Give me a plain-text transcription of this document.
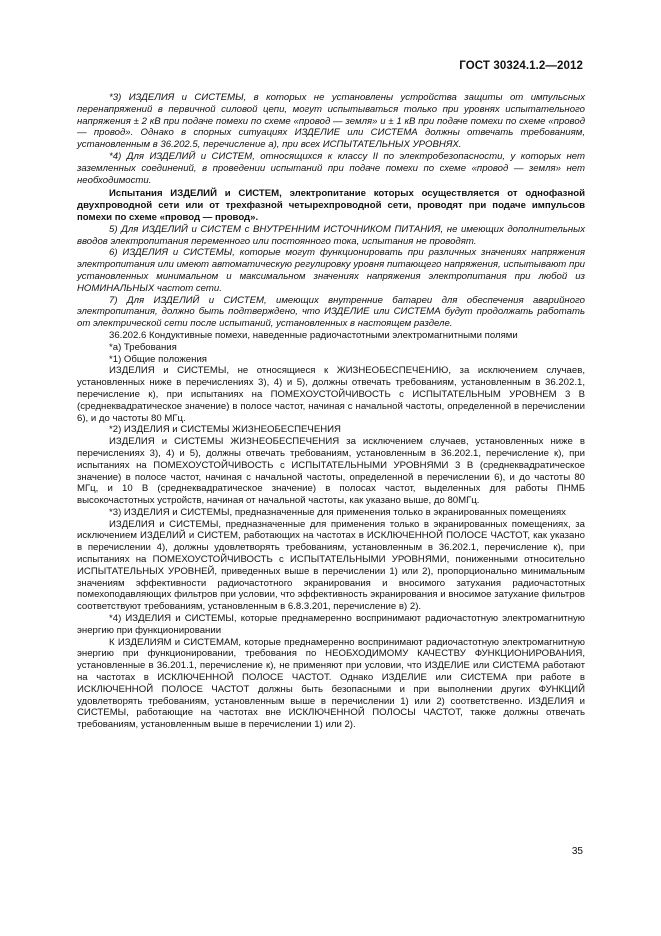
ГОСТ 30324.1.2—2012

*3) ИЗДЕЛИЯ и СИСТЕМЫ, в которых не установлены устройства защиты от импульсных перенапряжений в первичной силовой цепи, могут испытываться только при уровнях испытательного напряжения ± 2 кВ при подаче помехи по схеме «провод — земля» и ± 1 кВ при подаче помехи по схеме «провод — провод». Однако в спорных ситуациях ИЗДЕЛИЕ или СИСТЕМА должны отвечать требованиям, установленным в 36.202.5, перечисление а), при всех ИСПЫТАТЕЛЬНЫХ УРОВНЯХ.

*4) Для ИЗДЕЛИЙ и СИСТЕМ, относящихся к классу II по электробезопасности, у которых нет заземленных соединений, в проведении испытаний при подаче помехи по схеме «провод — земля» нет необходимости.

Испытания ИЗДЕЛИЙ и СИСТЕМ, электропитание которых осуществляется от однофазной двухпроводной сети или от трехфазной четырехпроводной сети, проводят при подаче импульсов помехи по схеме «провод — провод».

5) Для ИЗДЕЛИЙ и СИСТЕМ с ВНУТРЕННИМ ИСТОЧНИКОМ ПИТАНИЯ, не имеющих дополнительных вводов электропитания переменного или постоянного тока, испытания не проводят.

6) ИЗДЕЛИЯ и СИСТЕМЫ, которые могут функционировать при различных значениях напряжения электропитания или имеют автоматическую регулировку уровня питающего напряжения, испытывают при установленных минимальном и максимальном значениях напряжения электропитания при любой из НОМИНАЛЬНЫХ частот сети.

7) Для ИЗДЕЛИЙ и СИСТЕМ, имеющих внутренние батареи для обеспечения аварийного электропитания, должно быть подтверждено, что ИЗДЕЛИЕ или СИСТЕМА будут продолжать работать от электрической сети после испытаний, установленных в настоящем разделе.

36.202.6 Кондуктивные помехи, наведенные радиочастотными электромагнитными полями

*а) Требования

*1) Общие положения

ИЗДЕЛИЯ и СИСТЕМЫ, не относящиеся к ЖИЗНЕОБЕСПЕЧЕНИЮ, за исключением случаев, установленных ниже в перечислениях 3), 4) и 5), должны отвечать требованиям, установленным в 36.202.1, перечисление к), при испытаниях на ПОМЕХОУСТОЙЧИВОСТЬ с ИСПЫТАТЕЛЬНЫМ УРОВНЕМ 3 В (среднеквадратическое значение) в полосе частот, начиная с начальной частоты, определенной в перечислении 6), и до частоты 80 МГц.

*2) ИЗДЕЛИЯ и СИСТЕМЫ ЖИЗНЕОБЕСПЕЧЕНИЯ

ИЗДЕЛИЯ и СИСТЕМЫ ЖИЗНЕОБЕСПЕЧЕНИЯ за исключением случаев, установленных ниже в перечислениях 3), 4) и 5), должны отвечать требованиям, установленным в 36.202.1, перечисление к), при испытаниях на ПОМЕХОУСТОЙЧИВОСТЬ с ИСПЫТАТЕЛЬНЫМИ УРОВНЯМИ 3 В (среднеквадратическое значение) в полосе частот, начиная с начальной частоты, определенной в перечислении 6), и до частоты 80 МГц, и 10 В (среднеквадратическое значение) в полосах частот, выделенных для работы ПНМБ высокочастотных устройств, начиная от начальной частоты, как указано выше, до 80МГц.

*3) ИЗДЕЛИЯ и СИСТЕМЫ, предназначенные для применения только в экранированных помещениях

ИЗДЕЛИЯ и СИСТЕМЫ, предназначенные для применения только в экранированных помещениях, за исключением ИЗДЕЛИЙ и СИСТЕМ, работающих на частотах в ИСКЛЮЧЕННОЙ ПОЛОСЕ ЧАСТОТ, как указано в перечислении 4), должны удовлетворять требованиям, установленным в 36.202.1, перечисление к), при испытаниях на ПОМЕХОУСТОЙЧИВОСТЬ с ИСПЫТАТЕЛЬНЫМИ УРОВНЯМИ, пониженными относительно ИСПЫТАТЕЛЬНЫХ УРОВНЕЙ, приведенных выше в перечислении 1) или 2), пропорционально минимальным значениям эффективности радиочастотного экранирования и вносимого затухания радиочастотных помехоподавляющих фильтров при условии, что эффективность экранирования и вносимое затухание фильтров соответствуют требованиям, установленным в 6.8.3.201, перечисление в) 2).

*4) ИЗДЕЛИЯ и СИСТЕМЫ, которые преднамеренно воспринимают радиочастотную электромагнитную энергию при функционировании

К ИЗДЕЛИЯМ и СИСТЕМАМ, которые преднамеренно воспринимают радиочастотную электромагнитную энергию при функционировании, требования по НЕОБХОДИМОМУ КАЧЕСТВУ ФУНКЦИОНИРОВАНИЯ, установленные в 36.201.1, перечисление к), не применяют при условии, что ИЗДЕЛИЕ или СИСТЕМА работают на частотах в ИСКЛЮЧЕННОЙ ПОЛОСЕ ЧАСТОТ. Однако ИЗДЕЛИЕ или СИСТЕМА при работе в ИСКЛЮЧЕННОЙ ПОЛОСЕ ЧАСТОТ должны быть безопасными и при выполнении других ФУНКЦИЙ удовлетворять требованиям, установленным выше в перечислении 1) или 2) соответственно. ИЗДЕЛИЯ и СИСТЕМЫ, работающие на частотах вне ИСКЛЮЧЕННОЙ ПОЛОСЫ ЧАСТОТ, также должны отвечать требованиям, установленным выше в перечислении 1) или 2).

35
